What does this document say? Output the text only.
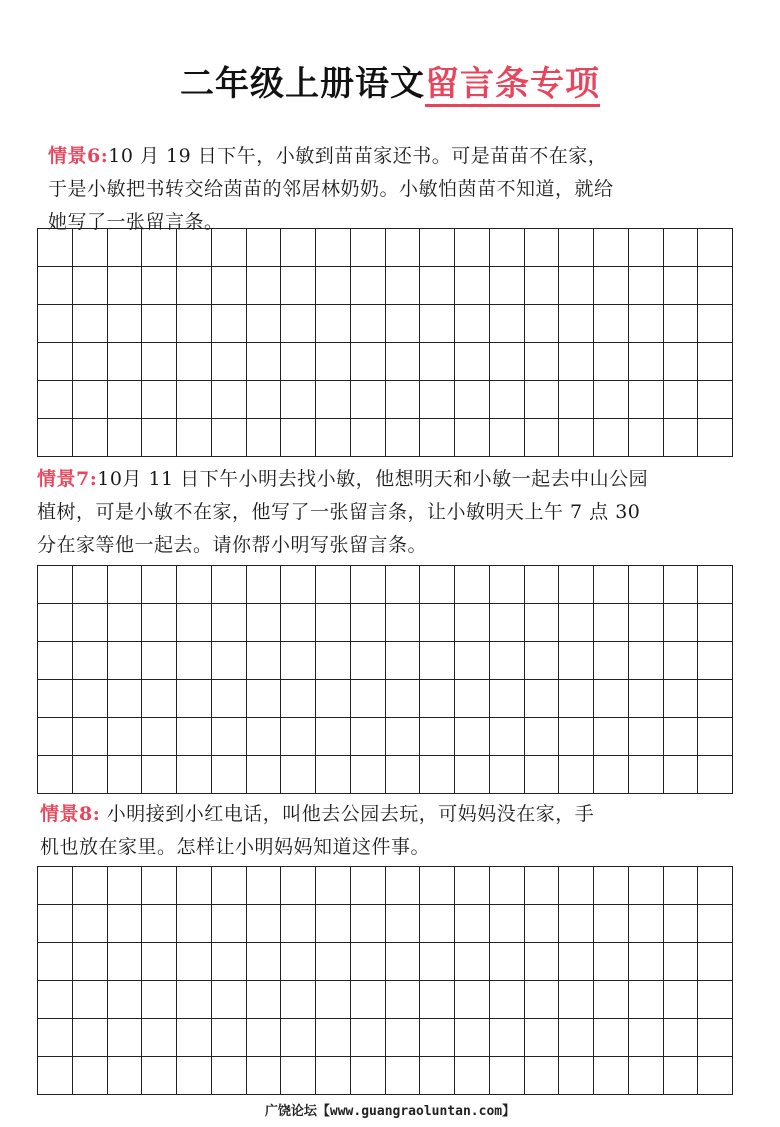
二年级上册语文留言条专项
情景6:10 月 19 日下午，小敏到苗苗家还书。可是苗苗不在家，
于是小敏把书转交给茵苗的邻居林奶奶。小敏怕茵苗不知道，就给
她写了一张留言条。
情景7:10月 11 日下午小明去找小敏，他想明天和小敏一起去中山公园
植树，可是小敏不在家，他写了一张留言条，让小敏明天上午 7 点 30
分在家等他一起去。请你帮小明写张留言条。
情景8: 小明接到小红电话，叫他去公园去玩，可妈妈没在家，手
机也放在家里。怎样让小明妈妈知道这件事。
广饶论坛【www.guangraoluntan.com】
